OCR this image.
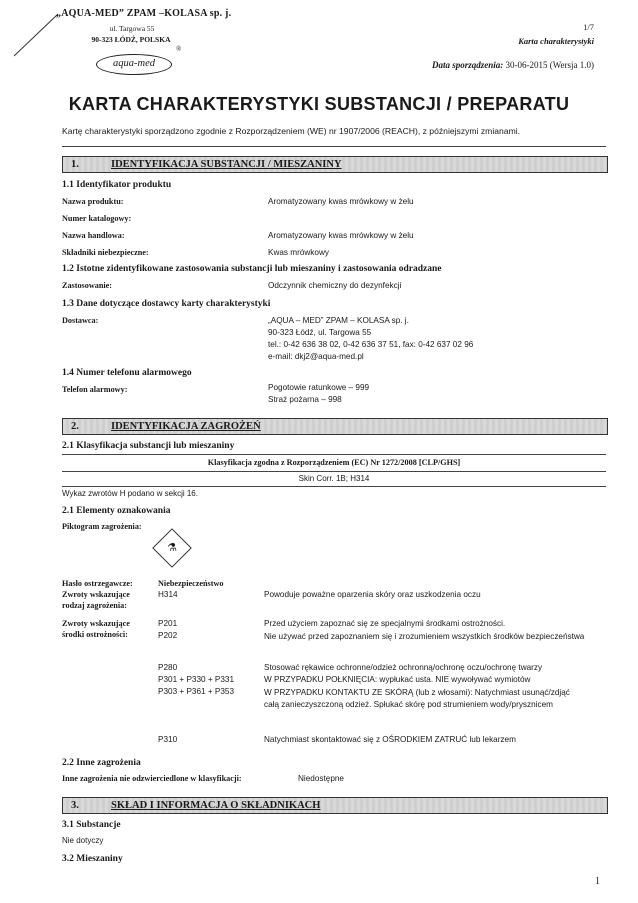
„AQUA-MED” ZPAM –KOLASA sp. j.
ul. Targowa 55
90-323 ŁÓDŹ, POLSKA
aqua-med
®
1/7
Karta charakterystyki
Data sporządzenia: 30-06-2015 (Wersja 1.0)
KARTA CHARAKTERYSTYKI SUBSTANCJI / PREPARATU
Kartę charakterystyki sporządzono zgodnie z Rozporządzeniem (WE) nr 1907/2006 (REACH), z późniejszymi zmianami.
1.	IDENTYFIKACJA SUBSTANCJI / MIESZANINY
1.1 Identyfikator produktu
Nazwa produktu:	Aromatyzowany kwas mrówkowy w żelu
Numer katalogowy:
Nazwa handlowa:	Aromatyzowany kwas mrówkowy w żelu
Składniki niebezpieczne:	Kwas mrówkowy
1.2 Istotne zidentyfikowane zastosowania substancji lub mieszaniny i zastosowania odradzane
Zastosowanie:	Odczynnik chemiczny do dezynfekcji
1.3 Dane dotyczące dostawcy karty charakterystyki
Dostawca:	„AQUA – MED” ZPAM – KOLASA sp. j.
90-323 Łódź, ul. Targowa 55
tel.: 0-42 636 38 02, 0-42 636 37 51, fax: 0-42 637 02 96
e-mail: dkj2@aqua-med.pl
1.4 Numer telefonu alarmowego
Telefon alarmowy:	Pogotowie ratunkowe – 999
Straż pożarna – 998
2.	IDENTYFIKACJA ZAGROŻEŃ
2.1 Klasyfikacja substancji lub mieszaniny
Klasyfikacja zgodna z Rozporządzeniem (EC) Nr 1272/2008 [CLP/GHS]
Skin Corr. 1B; H314
Wykaz zwrotów H podano w sekcji 16.
2.1 Elementy oznakowania
Piktogram zagrożenia:
⚗
Hasło ostrzegawcze:	Niebezpieczeństwo
Zwroty wskazujące
rodzaj zagrożenia:
H314	Powoduje poważne oparzenia skóry oraz uszkodzenia oczu
Zwroty wskazujące
środki ostrożności:
P201	Przed użyciem zapoznać się ze specjalnymi środkami ostrożności.
P202	Nie używać przed zapoznaniem się i zrozumieniem wszystkich środków bezpieczeństwa
P280	Stosować rękawice ochronne/odzież ochronną/ochronę oczu/ochronę twarzy
P301 + P330 + P331	W PRZYPADKU POŁKNIĘCIA: wypłukać usta. NIE wywoływać wymiotów
P303 + P361 + P353	W PRZYPADKU KONTAKTU ZE SKÓRĄ (lub z włosami): Natychmiast usunąć/zdjąć całą zanieczyszczoną odzież. Spłukać skórę pod strumieniem wody/prysznicem
P310	Natychmiast skontaktować się z OŚRODKIEM ZATRUĆ lub lekarzem
2.2 Inne zagrożenia
Inne zagrożenia nie odzwierciedlone w klasyfikacji:	Niedostępne
3.	SKŁAD I INFORMACJA O SKŁADNIKACH
3.1 Substancje
Nie dotyczy
3.2 Mieszaniny
1
